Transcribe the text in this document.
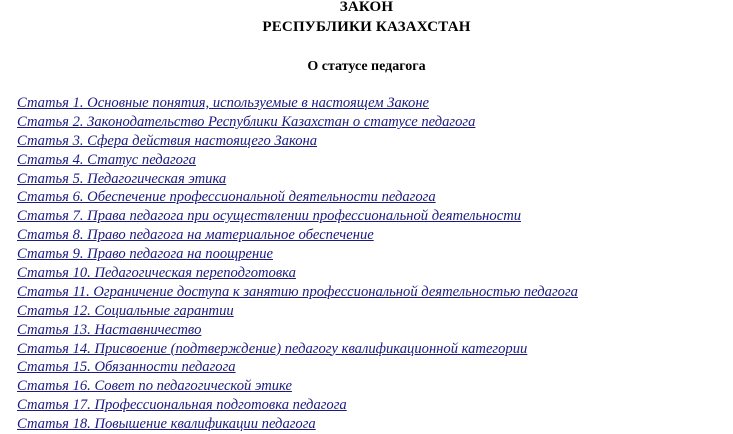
ЗАКОН
РЕСПУБЛИКИ КАЗАХСТАН
О статусе педагога
Статья 1. Основные понятия, используемые в настоящем Законе
Статья 2. Законодательство Республики Казахстан о статусе педагога
Статья 3. Сфера действия настоящего Закона
Статья 4. Статус педагога
Статья 5. Педагогическая этика
Статья 6. Обеспечение профессиональной деятельности педагога
Статья 7. Права педагога при осуществлении профессиональной деятельности
Статья 8. Право педагога на материальное обеспечение
Статья 9. Право педагога на поощрение
Статья 10. Педагогическая переподготовка
Статья 11. Ограничение доступа к занятию профессиональной деятельностью педагога
Статья 12. Социальные гарантии
Статья 13. Наставничество
Статья 14. Присвоение (подтверждение) педагогу квалификационной категории
Статья 15. Обязанности педагога
Статья 16. Совет по педагогической этике
Статья 17. Профессиональная подготовка педагога
Статья 18. Повышение квалификации педагога
